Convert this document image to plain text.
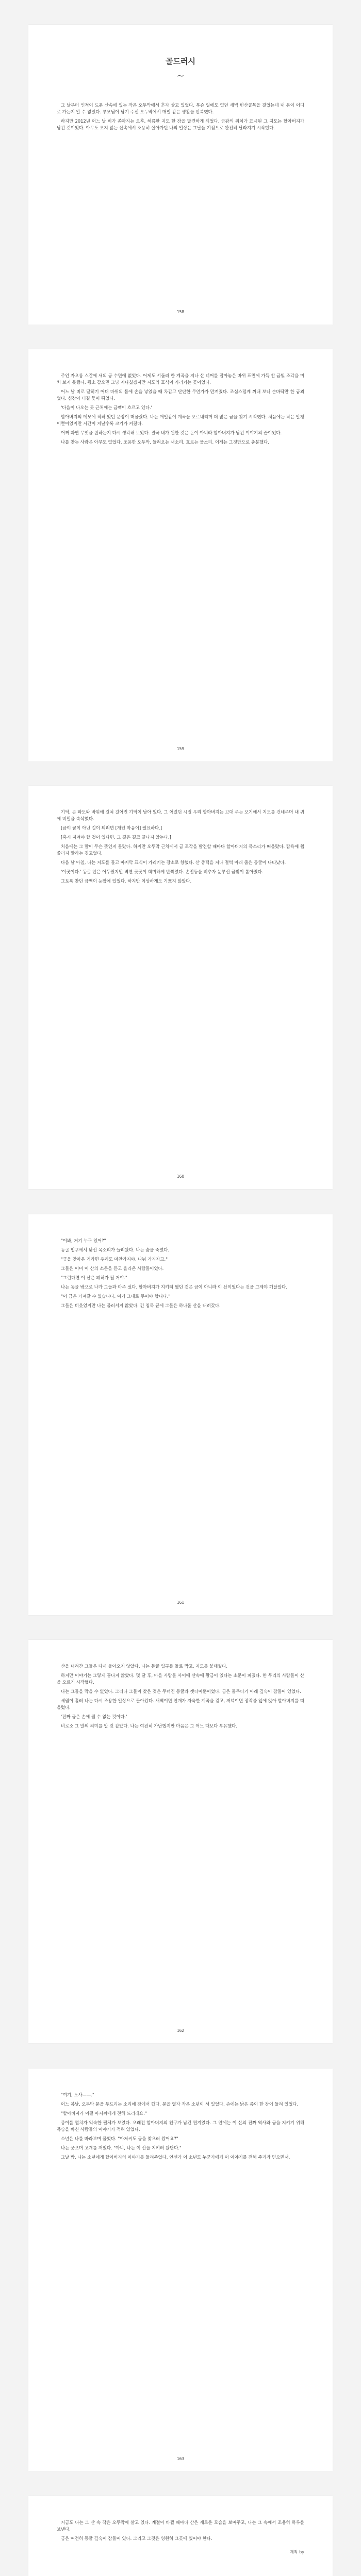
골드러시
~

그 날부터 인적이 드문 산속에 있는 작은 오두막에서 혼자 살고 있었다. 무슨 일에도 없던 새벽 빈산골목을 걸었는데 내 몸이 어디로 가는지 알 수 없었다. 부모님이 남겨 주신 오두막에서 매일 같은 생활을 반복했다.

하지만 2012년 어느 날 비가 쏟아지는 오후, 허름한 지도 한 장을 발견하게 되었다. 금광의 위치가 표시된 그 지도는 할아버지가 남긴 것이었다. 아무도 오지 않는 산속에서 조용히 살아가던 나의 일상은 그날을 기점으로 완전히 달라지기 시작했다.

158

주인 자오름 스간에 새의 공 수면에 없었다. 어제도 서둘러 한 계곡을 지나 산 너머를 잡아놓은 바위 표면에 가득 찬 금빛 조각을 미처 보지 못했다. 평소 같으면 그냥 지나쳤겠지만 지도의 표식이 가리키는 곳이었다.

어느 날 비로 닫히기 어디 바위의 틈에 손을 넣었을 때 차갑고 단단한 무언가가 만져졌다. 조심스럽게 꺼내 보니 손바닥만 한 금괴였다. 심장이 터질 듯이 뛰었다.

'다음이 나오는 곳 근처에는 금맥이 흐르고 있다.'

할아버지의 메모에 적혀 있던 문장이 떠올랐다. 나는 매일같이 계곡을 오르내리며 더 많은 금을 찾기 시작했다. 처음에는 작은 알갱이뿐이었지만 시간이 지날수록 크기가 커졌다.

어쩌 과연 무엇을 원하는지 다시 생각해 보았다. 결국 내가 원한 것은 돈이 아니라 할아버지가 남긴 이야기의 끝이었다.

나를 찾는 사람은 아무도 없었다. 조용한 오두막, 들려오는 새소리, 흐르는 물소리. 이제는 그것만으로 충분했다.

159

기억, 큰 파도와 바위에 걸쳐 걸어진 기억이 남아 있다. 그 어렸던 시절 우리 할아버지는 고대 주는 오기에서 지도를 건네주며 내 귀에 비밀을 속삭였다.

[금이 꿈이 아닌 길이 되려면 [개인 마음이] 필요하다.]

[혹시 지켜야 할 것이 있다면, 그 길은 결코 끝나지 않는다.]

처음에는 그 말이 무슨 뜻인지 몰랐다. 하지만 오두막 근처에서 금 조각을 발견할 때마다 할아버지의 목소리가 떠올랐다. 탐욕에 휩쓸리지 말라는 경고였다.

다음 날 아침, 나는 지도를 들고 마지막 표식이 가리키는 장소로 향했다. 산 중턱을 지나 절벽 아래 좁은 동굴이 나타났다.

'이곳이다.' 동굴 안은 어두웠지만 벽면 곳곳이 희미하게 반짝였다. 손전등을 비추자 눈부신 금빛이 쏟아졌다.

그토록 찾던 금맥이 눈앞에 있었다. 하지만 이상하게도 기쁘지 않았다.

160

"이봐, 거기 누구 있어?"

동굴 입구에서 낯선 목소리가 들려왔다. 나는 숨을 죽였다.

"금을 찾아온 거라면 우리도 마찬가지야. 나눠 가지자고."

그들은 이미 이 산의 소문을 듣고 올라온 사람들이었다.

"그런다면 이 산은 폐허가 될 거야."

나는 동굴 밖으로 나가 그들과 마주 섰다. 할아버지가 지키려 했던 것은 금이 아니라 이 산이었다는 것을 그제야 깨달았다.

"이 금은 가져갈 수 없습니다. 여기 그대로 두어야 합니다."

그들은 비웃었지만 나는 물러서지 않았다. 긴 침묵 끝에 그들은 하나둘 산을 내려갔다.

161

산을 내려간 그들은 다시 돌아오지 않았다. 나는 동굴 입구를 돌로 막고, 지도를 불태웠다.

하지만 이야기는 그렇게 끝나지 않았다. 몇 달 후, 마을 사람들 사이에 산속에 황금이 있다는 소문이 퍼졌다. 한 무리의 사람들이 산을 오르기 시작했다.

나는 그들을 막을 수 없었다. 그러나 그들이 찾은 것은 무너진 동굴과 잿더미뿐이었다. 금은 돌무더기 아래 깊숙이 잠들어 있었다.

세월이 흘러 나는 다시 조용한 일상으로 돌아왔다. 새벽이면 안개가 자욱한 계곡을 걷고, 저녁이면 장작불 앞에 앉아 할아버지를 떠올렸다.

'진짜 금은 손에 쥘 수 없는 것이다.'

비로소 그 말의 의미를 알 것 같았다. 나는 여전히 가난했지만 마음은 그 어느 때보다 부유했다.

162

"여기, 도사——."

어느 봄날, 오두막 문을 두드리는 소리에 잠에서 깼다. 문을 열자 작은 소년이 서 있었다. 손에는 낡은 종이 한 장이 들려 있었다.

"할아버지가 이걸 아저씨에게 전해 드리래요."

종이를 펼치자 익숙한 필체가 보였다. 오래전 할아버지의 친구가 남긴 편지였다. 그 안에는 이 산의 진짜 역사와 금을 지키기 위해 목숨을 바친 사람들의 이야기가 적혀 있었다.

소년은 나를 바라보며 물었다. "아저씨도 금을 찾으러 왔어요?"

나는 웃으며 고개를 저었다. "아니, 나는 이 산을 지키러 왔단다."

그날 밤, 나는 소년에게 할아버지의 이야기를 들려주었다. 언젠가 이 소년도 누군가에게 이 이야기를 전해 주리라 믿으면서.

163

지금도 나는 그 산 속 작은 오두막에 살고 있다. 계절이 바뀔 때마다 산은 새로운 모습을 보여주고, 나는 그 속에서 조용히 하루를 보낸다.

금은 여전히 동굴 깊숙이 잠들어 있다. 그리고 그것은 영원히 그곳에 있어야 한다.

제작 by
